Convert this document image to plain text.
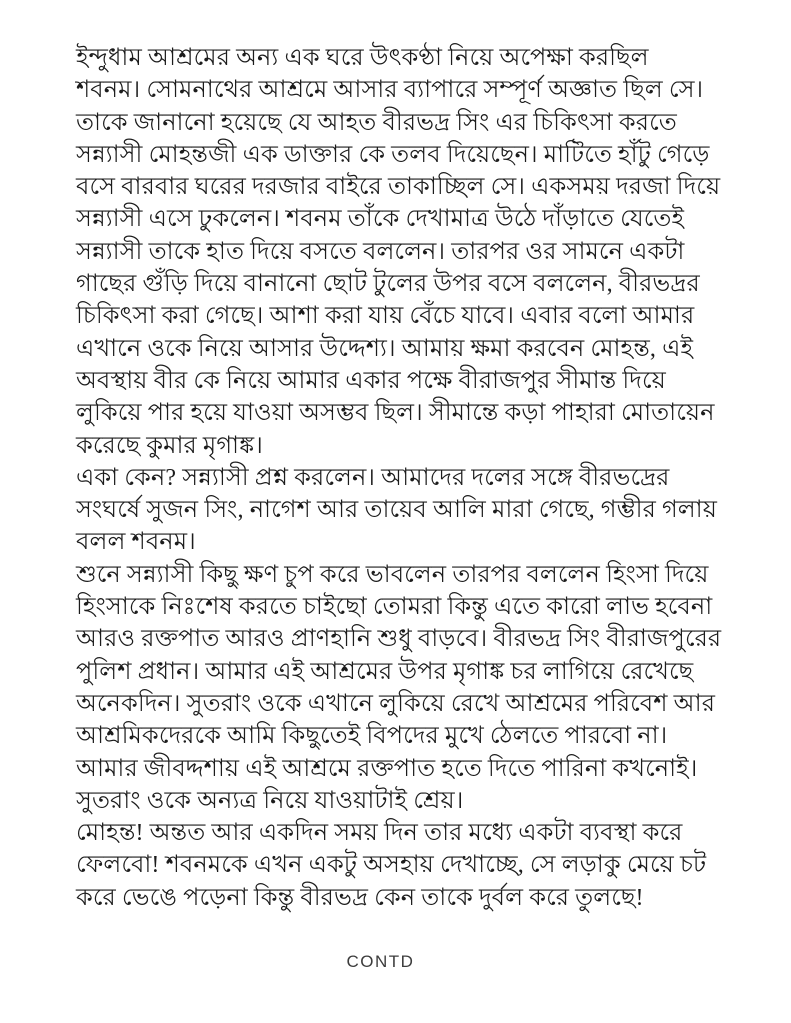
ইন্দুধাম আশ্রমের অন্য এক ঘরে উৎকণ্ঠা নিয়ে অপেক্ষা করছিল
শবনম। সোমনাথের আশ্রমে আসার ব্যাপারে সম্পূর্ণ অজ্ঞাত ছিল সে।
তাকে জানানো হয়েছে যে আহত বীরভদ্র সিং এর চিকিৎসা করতে
সন্ন্যাসী মোহন্তজী এক ডাক্তার কে তলব দিয়েছেন। মাটিতে হাঁটু গেড়ে
বসে বারবার ঘরের দরজার বাইরে তাকাচ্ছিল সে। একসময় দরজা দিয়ে
সন্ন্যাসী এসে ঢুকলেন। শবনম তাঁকে দেখামাত্র উঠে দাঁড়াতে যেতেই
সন্ন্যাসী তাকে হাত দিয়ে বসতে বললেন। তারপর ওর সামনে একটা
গাছের গুঁড়ি দিয়ে বানানো ছোট টুলের উপর বসে বললেন, বীরভদ্রর
চিকিৎসা করা গেছে। আশা করা যায় বেঁচে যাবে। এবার বলো আমার
এখানে ওকে নিয়ে আসার উদ্দেশ্য। আমায় ক্ষমা করবেন মোহন্ত, এই
অবস্থায় বীর কে নিয়ে আমার একার পক্ষে বীরাজপুর সীমান্ত দিয়ে
লুকিয়ে পার হয়ে যাওয়া অসম্ভব ছিল। সীমান্তে কড়া পাহারা মোতায়েন
করেছে কুমার মৃগাঙ্ক।
একা কেন? সন্ন্যাসী প্রশ্ন করলেন। আমাদের দলের সঙ্গে বীরভদ্রের
সংঘর্ষে সুজন সিং, নাগেশ আর তায়েব আলি মারা গেছে, গম্ভীর গলায়
বলল শবনম।
শুনে সন্ন্যাসী কিছু ক্ষণ চুপ করে ভাবলেন তারপর বললেন হিংসা দিয়ে
হিংসাকে নিঃশেষ করতে চাইছো তোমরা কিন্তু এতে কারো লাভ হবেনা
আরও রক্তপাত আরও প্রাণহানি শুধু বাড়বে। বীরভদ্র সিং বীরাজপুরের
পুলিশ প্রধান। আমার এই আশ্রমের উপর মৃগাঙ্ক চর লাগিয়ে রেখেছে
অনেকদিন। সুতরাং ওকে এখানে লুকিয়ে রেখে আশ্রমের পরিবেশ আর
আশ্রমিকদেরকে আমি কিছুতেই বিপদের মুখে ঠেলতে পারবো না।
আমার জীবদ্দশায় এই আশ্রমে রক্তপাত হতে দিতে পারিনা কখনোই।
সুতরাং ওকে অন্যত্র নিয়ে যাওয়াটাই শ্রেয়।
মোহন্ত! অন্তত আর একদিন সময় দিন তার মধ্যে একটা ব্যবস্থা করে
ফেলবো! শবনমকে এখন একটু অসহায় দেখাচ্ছে, সে লড়াকু মেয়ে চট
করে ভেঙে পড়েনা কিন্তু বীরভদ্র কেন তাকে দুর্বল করে তুলছে!
CONTD
